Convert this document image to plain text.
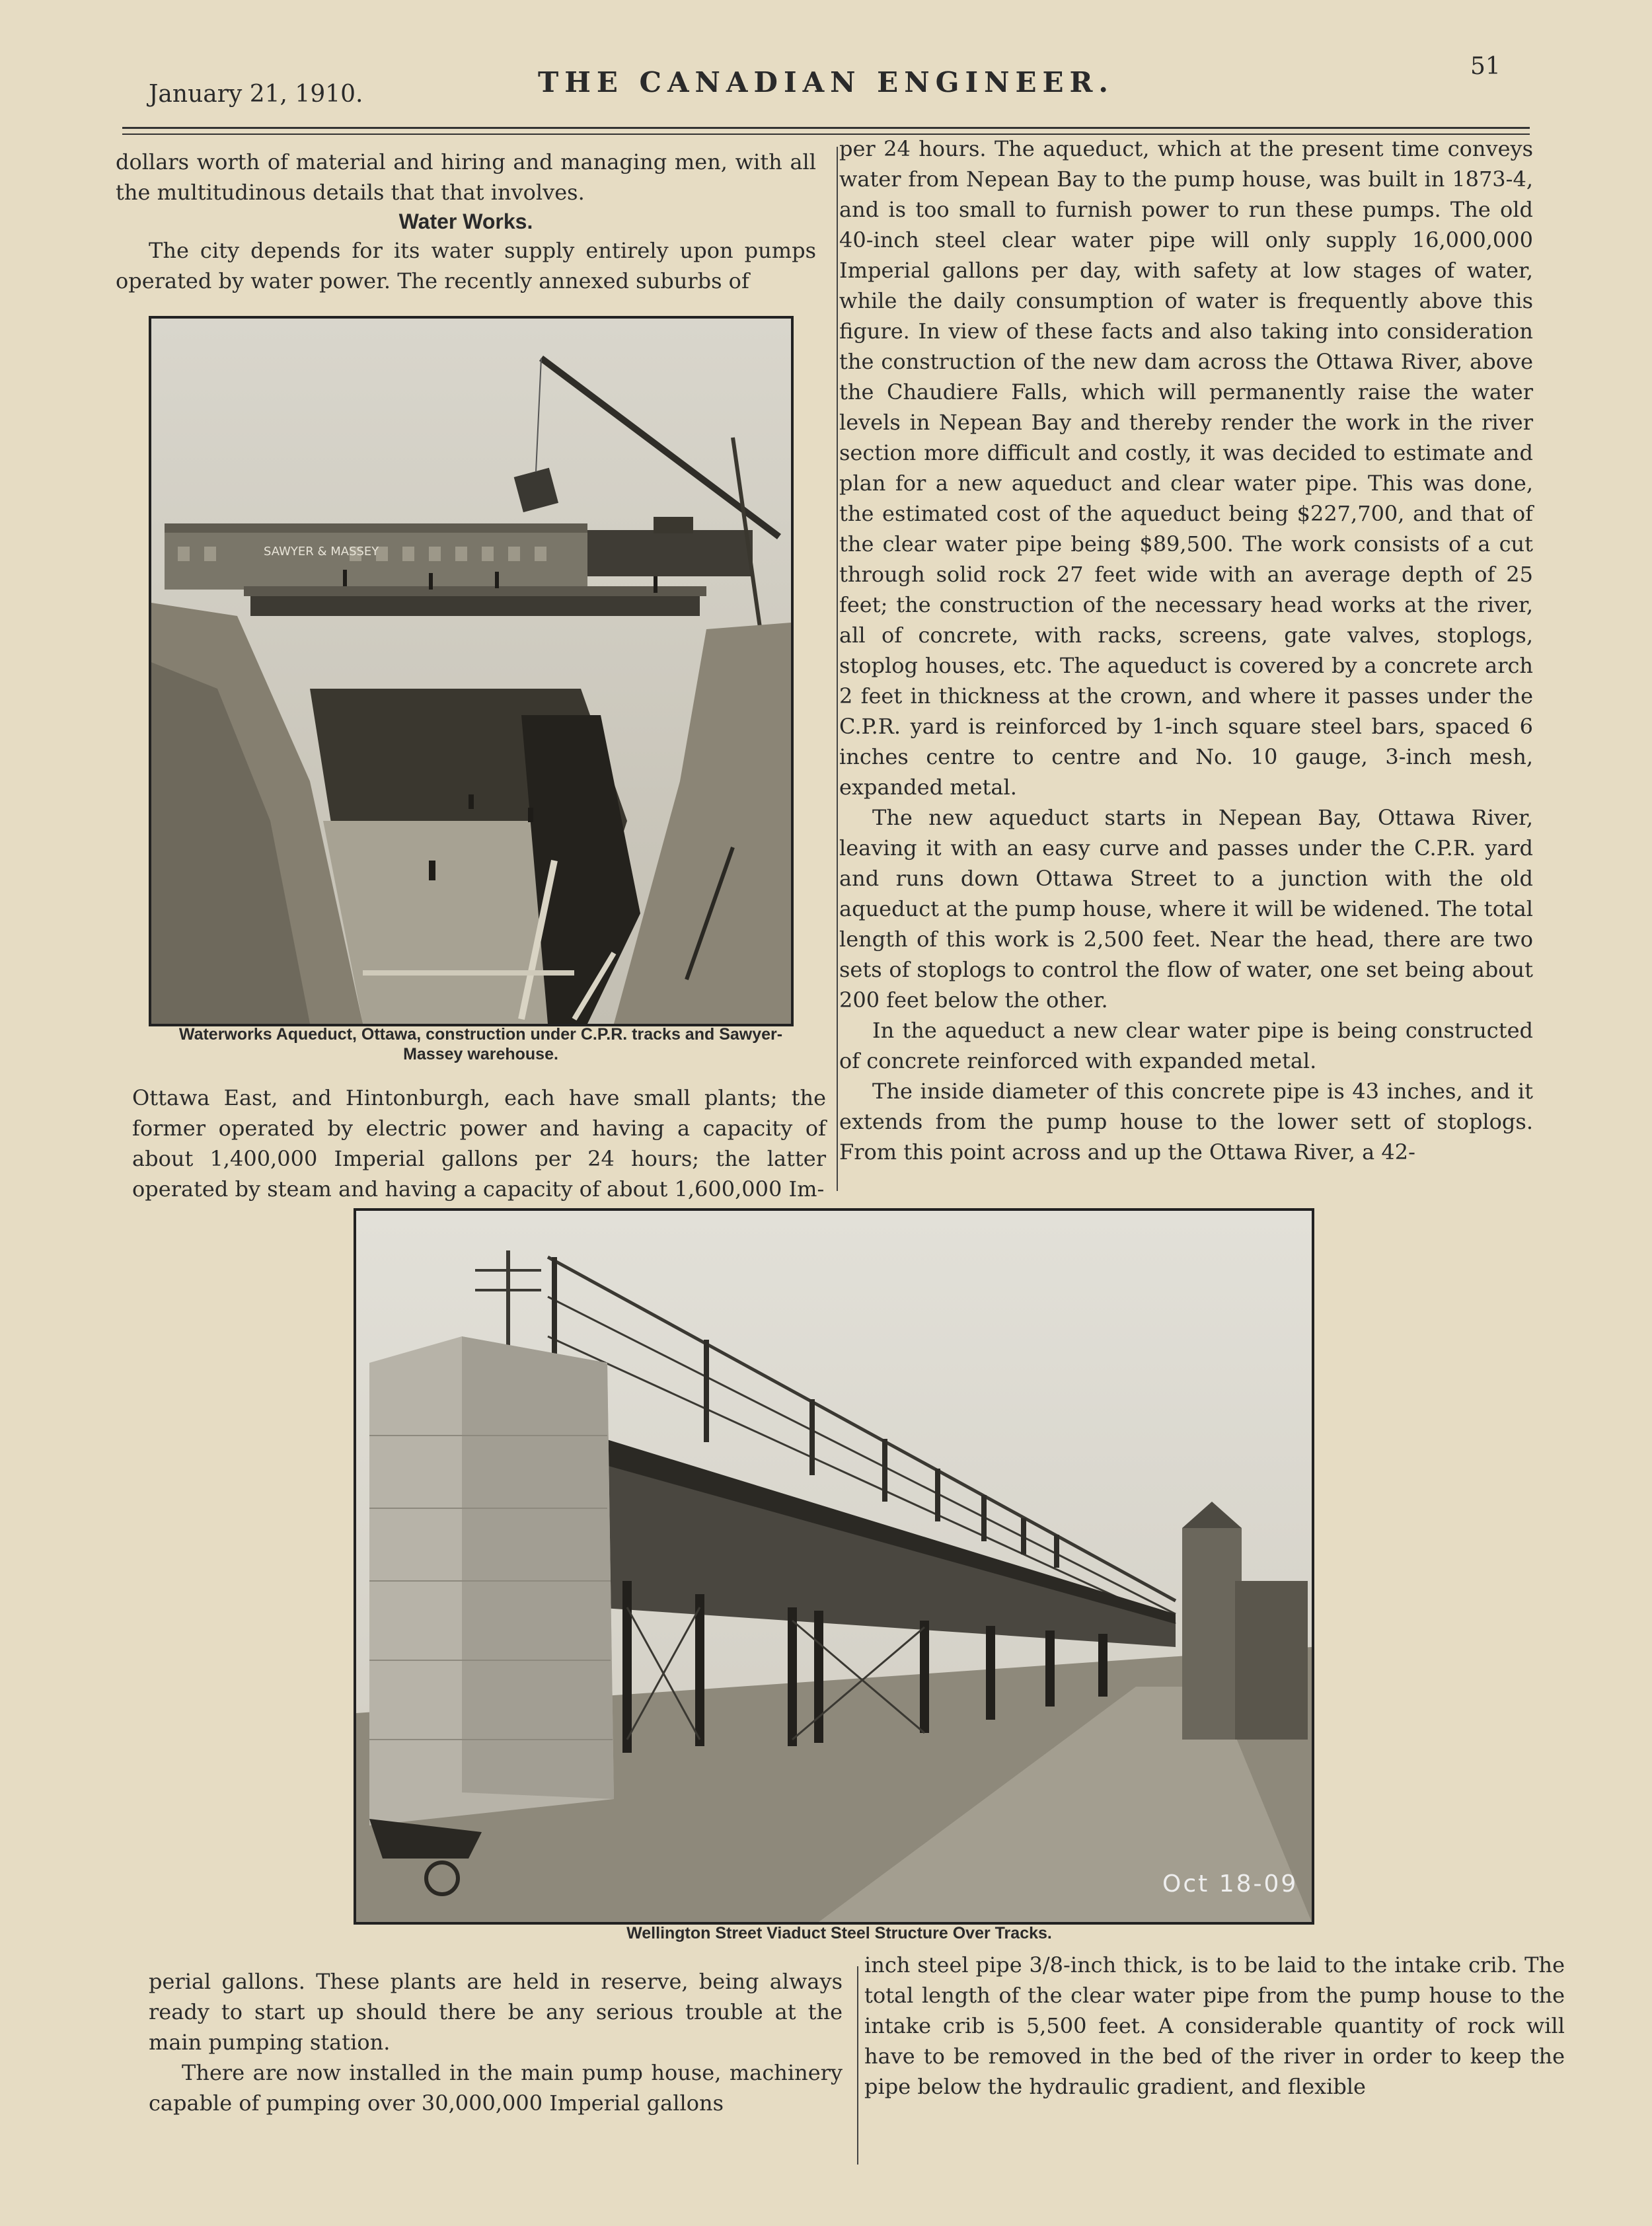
January 21, 1910.	THE CANADIAN ENGINEER.	51

dollars worth of material and hiring and managing men, with all the multitudinous details that that involves.

Water Works.

The city depends for its water supply entirely upon pumps operated by water power. The recently annexed suburbs of

SAWYER & MASSEY
Waterworks Aqueduct, Ottawa, construction under C.P.R. tracks and Sawyer-Massey warehouse.

Ottawa East, and Hintonburgh, each have small plants; the former operated by electric power and having a capacity of about 1,400,000 Imperial gallons per 24 hours; the latter operated by steam and having a capacity of about 1,600,000 Im-

per 24 hours. The aqueduct, which at the present time conveys water from Nepean Bay to the pump house, was built in 1873-4, and is too small to furnish power to run these pumps. The old 40-inch steel clear water pipe will only supply 16,000,000 Imperial gallons per day, with safety at low stages of water, while the daily consumption of water is frequently above this figure. In view of these facts and also taking into consideration the construction of the new dam across the Ottawa River, above the Chaudiere Falls, which will permanently raise the water levels in Nepean Bay and thereby render the work in the river section more difficult and costly, it was decided to estimate and plan for a new aqueduct and clear water pipe. This was done, the estimated cost of the aqueduct being $227,700, and that of the clear water pipe being $89,500. The work consists of a cut through solid rock 27 feet wide with an average depth of 25 feet; the construction of the necessary head works at the river, all of concrete, with racks, screens, gate valves, stoplogs, stoplog houses, etc. The aqueduct is covered by a concrete arch 2 feet in thickness at the crown, and where it passes under the C.P.R. yard is reinforced by 1-inch square steel bars, spaced 6 inches centre to centre and No. 10 gauge, 3-inch mesh, expanded metal.

The new aqueduct starts in Nepean Bay, Ottawa River, leaving it with an easy curve and passes under the C.P.R. yard and runs down Ottawa Street to a junction with the old aqueduct at the pump house, where it will be widened. The total length of this work is 2,500 feet. Near the head, there are two sets of stoplogs to control the flow of water, one set being about 200 feet below the other.

In the aqueduct a new clear water pipe is being constructed of concrete reinforced with expanded metal.

The inside diameter of this concrete pipe is 43 inches, and it extends from the pump house to the lower sett of stoplogs. From this point across and up the Ottawa River, a 42-

Oct 18-09
Wellington Street Viaduct Steel Structure Over Tracks.

perial gallons. These plants are held in reserve, being always ready to start up should there be any serious trouble at the main pumping station.

There are now installed in the main pump house, machinery capable of pumping over 30,000,000 Imperial gallons

inch steel pipe 3/8-inch thick, is to be laid to the intake crib. The total length of the clear water pipe from the pump house to the intake crib is 5,500 feet. A considerable quantity of rock will have to be removed in the bed of the river in order to keep the pipe below the hydraulic gradient, and flexible
